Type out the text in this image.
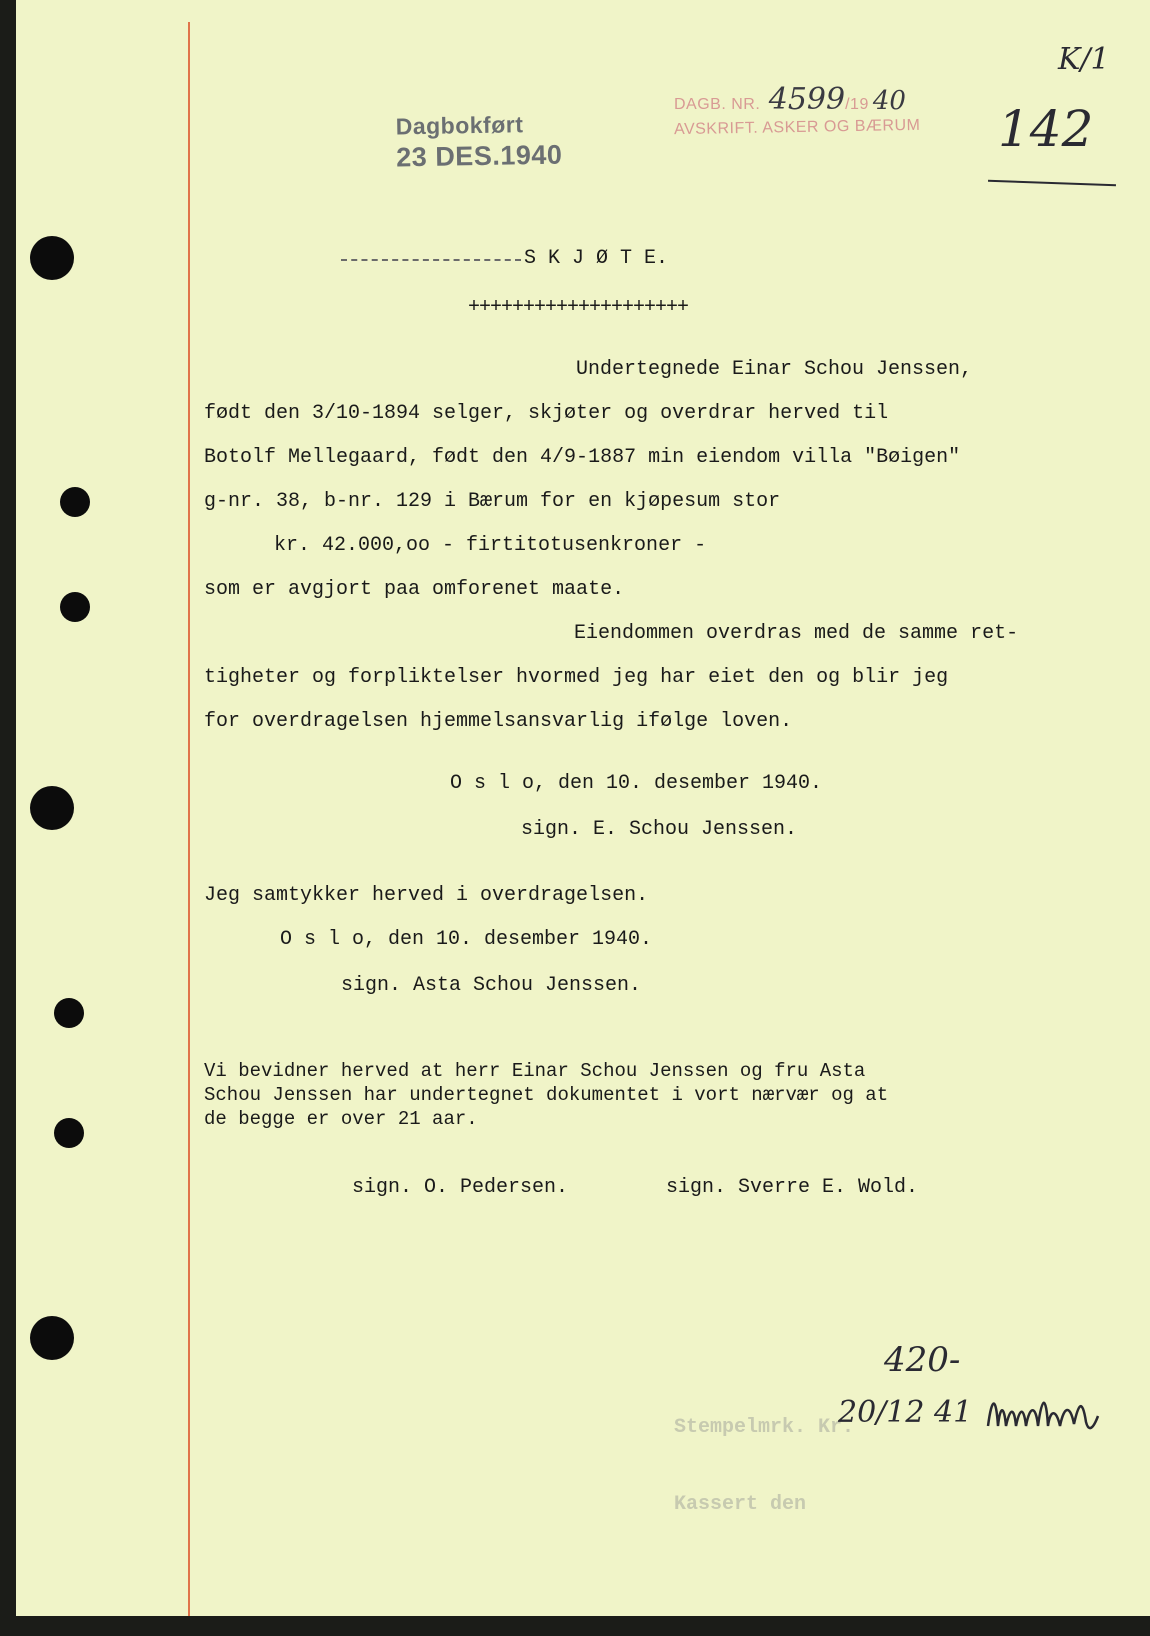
Dagbokført
23 DES.1940
DAGB. NR. 4599/19 40
AVSKRIFT. ASKER OG BÆRUM
K/1
142
S K J Ø T E.
++++++++++++++++++++
Undertegnede Einar Schou Jenssen,
født den 3/10-1894 selger, skjøter og overdrar herved til
Botolf Mellegaard, født den 4/9-1887 min eiendom villa "Bøigen"
g-nr. 38, b-nr. 129 i Bærum for en kjøpesum stor
kr. 42.000,oo - firtitotusenkroner -
som er avgjort paa omforenet maate.
Eiendommen overdras med de samme ret-
tigheter og forpliktelser hvormed jeg har eiet den og blir jeg
for overdragelsen hjemmelsansvarlig ifølge loven.
O s l o, den 10. desember 1940.
sign. E. Schou Jenssen.
Jeg samtykker herved i overdragelsen.
O s l o, den 10. desember 1940.
sign. Asta Schou Jenssen.
Vi bevidner herved at herr Einar Schou Jenssen og fru Asta
Schou Jenssen har undertegnet dokumentet i vort nærvær og at
de begge er over 21 aar.
sign. O. Pedersen.	sign. Sverre E. Wold.

Stempelmrk. Kr.

Kassert den

420-
20/12 41
